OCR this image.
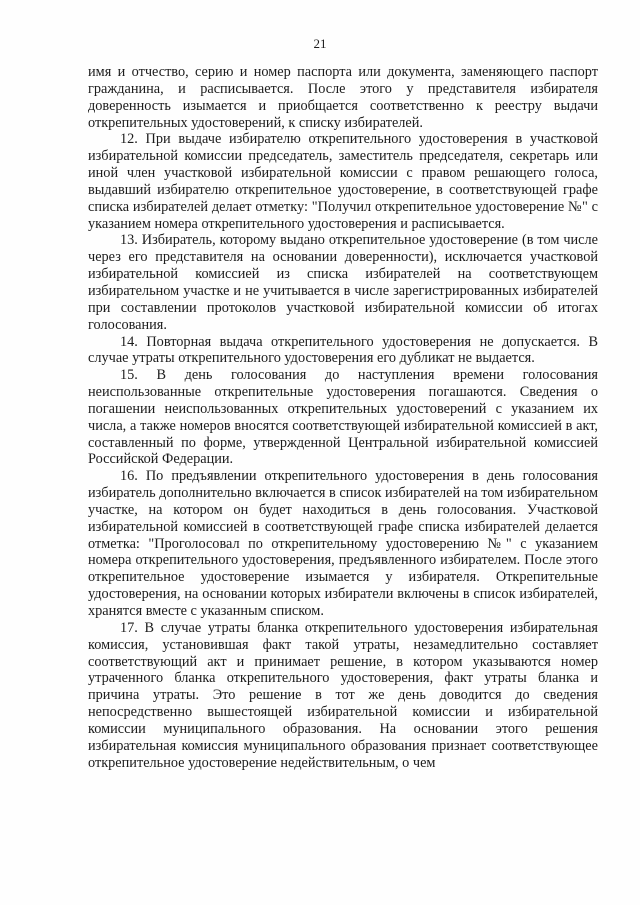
21

имя и отчество, серию и номер паспорта или документа, заменяющего паспорт гражданина, и расписывается. После этого у представителя избирателя доверенность изымается и приобщается соответственно к реестру выдачи открепительных удостоверений, к списку избирателей.

12. При выдаче избирателю открепительного удостоверения в участковой избирательной комиссии председатель, заместитель председателя, секретарь или иной член участковой избирательной комиссии с правом решающего голоса, выдавший избирателю открепительное удостоверение, в соответствующей графе списка избирателей делает отметку: "Получил открепительное удостоверение №" с указанием номера открепительного удостоверения и расписывается.

13. Избиратель, которому выдано открепительное удостоверение (в том числе через его представителя на основании доверенности), исключается участковой избирательной комиссией из списка избирателей на соответствующем избирательном участке и не учитывается в числе зарегистрированных избирателей при составлении протоколов участковой избирательной комиссии об итогах голосования.

14. Повторная выдача открепительного удостоверения не допускается. В случае утраты открепительного удостоверения его дубликат не выдается.

15. В день голосования до наступления времени голосования неиспользованные открепительные удостоверения погашаются. Сведения о погашении неиспользованных открепительных удостоверений с указанием их числа, а также номеров вносятся соответствующей избирательной комиссией в акт, составленный по форме, утвержденной Центральной избирательной комиссией Российской Федерации.

16. По предъявлении открепительного удостоверения в день голосования избиратель дополнительно включается в список избирателей на том избирательном участке, на котором он будет находиться в день голосования. Участковой избирательной комиссией в соответствующей графе списка избирателей делается отметка: "Проголосовал по открепительному удостоверению №" с указанием номера открепительного удостоверения, предъявленного избирателем. После этого открепительное удостоверение изымается у избирателя. Открепительные удостоверения, на основании которых избиратели включены в список избирателей, хранятся вместе с указанным списком.

17. В случае утраты бланка открепительного удостоверения избирательная комиссия, установившая факт такой утраты, незамедлительно составляет соответствующий акт и принимает решение, в котором указываются номер утраченного бланка открепительного удостоверения, факт утраты бланка и причина утраты. Это решение в тот же день доводится до сведения непосредственно вышестоящей избирательной комиссии и избирательной комиссии муниципального образования. На основании этого решения избирательная комиссия муниципального образования признает соответствующее открепительное удостоверение недействительным, о чем
